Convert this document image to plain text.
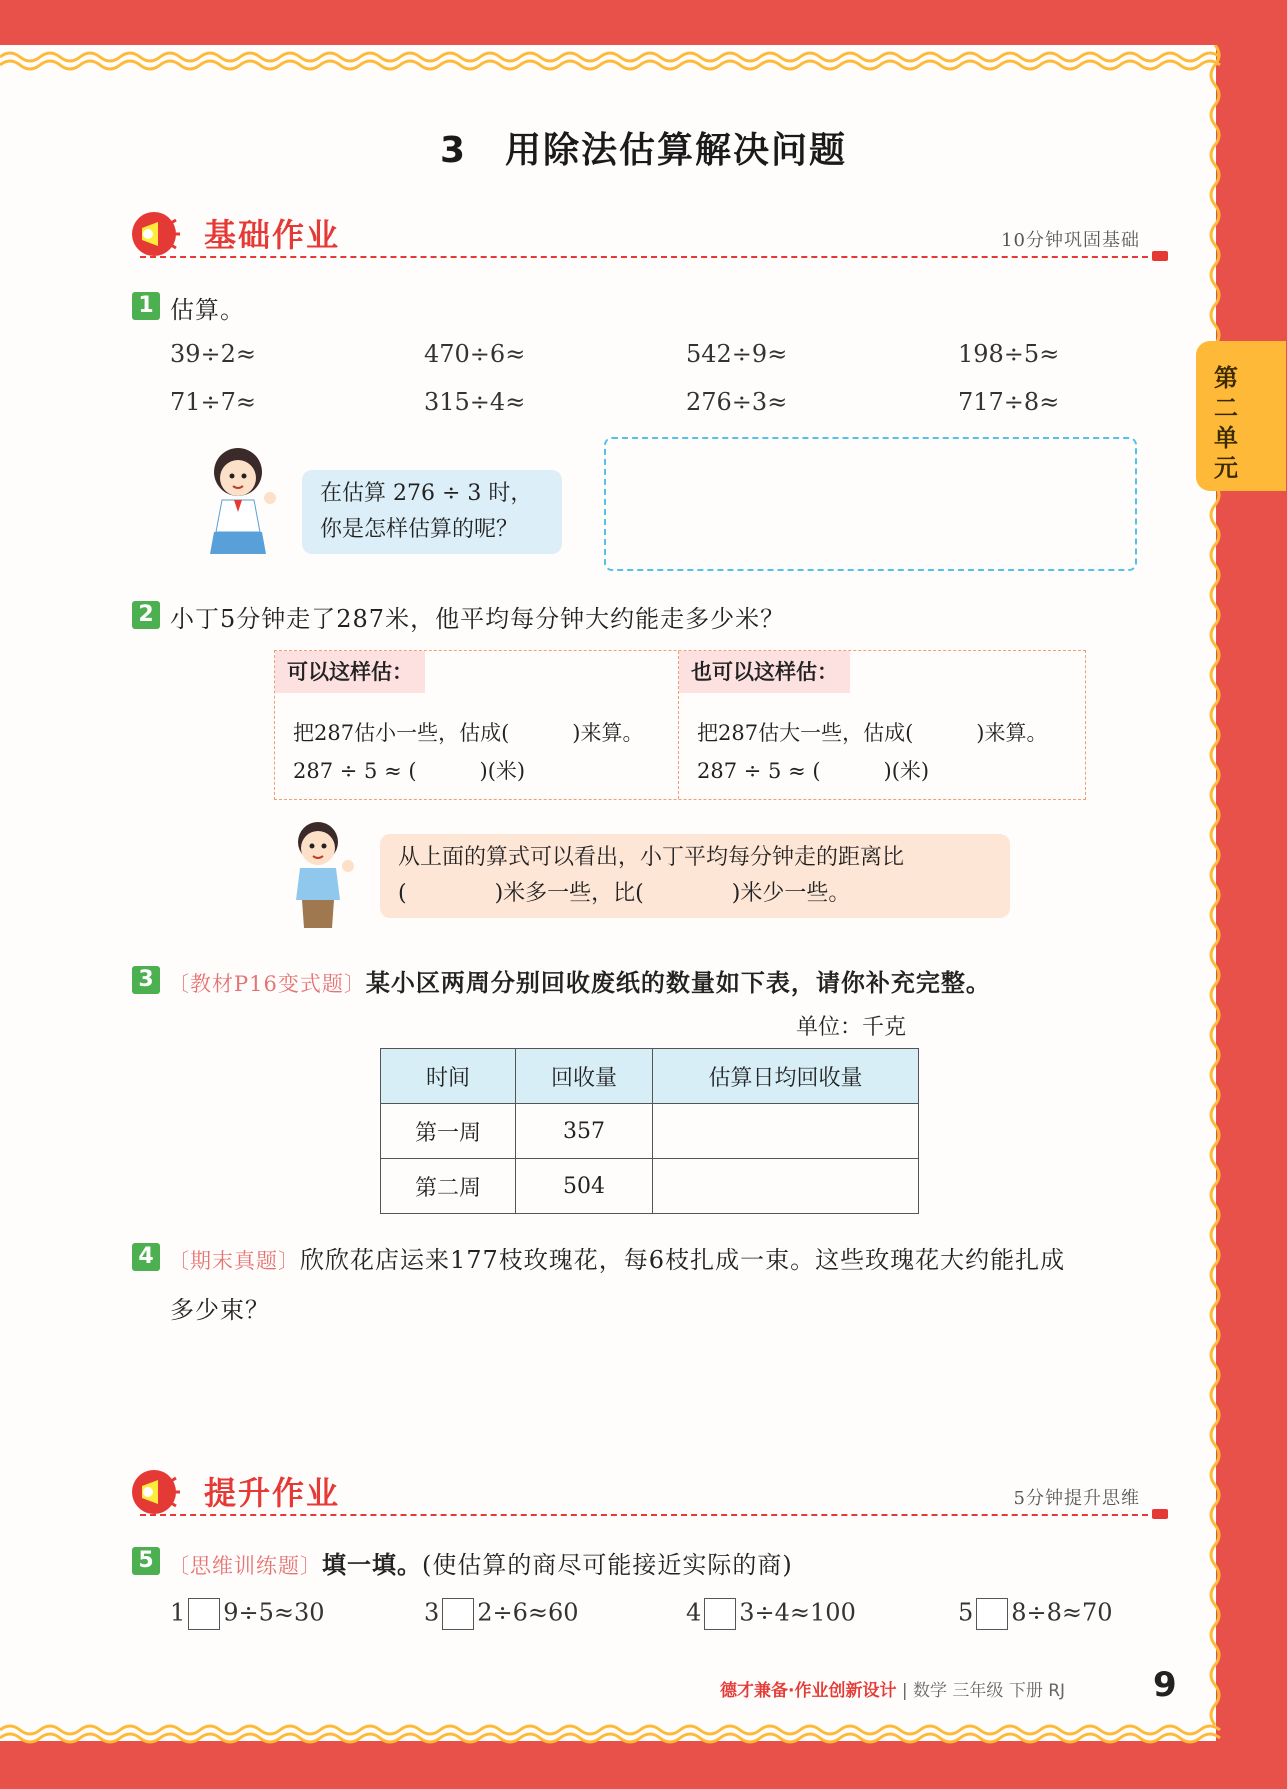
3　用除法估算解决问题
第二单元
基础作业	10分钟巩固基础
1 估算。
39÷2≈	470÷6≈	542÷9≈	198÷5≈
71÷7≈	315÷4≈	276÷3≈	717÷8≈
在估算 276 ÷ 3 时，
你是怎样估算的呢？
2 小丁5分钟走了287米，他平均每分钟大约能走多少米？
可以这样估：	也可以这样估：
把287估小一些，估成(　　　)来算。
287 ÷ 5 ≈ (　　　)(米)
把287估大一些，估成(　　　)来算。
287 ÷ 5 ≈ (　　　)(米)
从上面的算式可以看出，小丁平均每分钟走的距离比
(　　　　)米多一些，比(　　　　)米少一些。
3 〔教材P16变式题〕某小区两周分别回收废纸的数量如下表，请你补充完整。
单位：千克
时间	回收量	估算日均回收量
第一周	357	
第二周	504	
4 〔期末真题〕欣欣花店运来177枝玫瑰花，每6枝扎成一束。这些玫瑰花大约能扎成
多少束？
提升作业	5分钟提升思维
5 〔思维训练题〕填一填。(使估算的商尽可能接近实际的商)
1 9÷5≈30	3 2÷6≈60	4 3÷4≈100	5 8÷8≈70
德才兼备·作业创新设计 | 数学 三年级 下册 RJ	9
